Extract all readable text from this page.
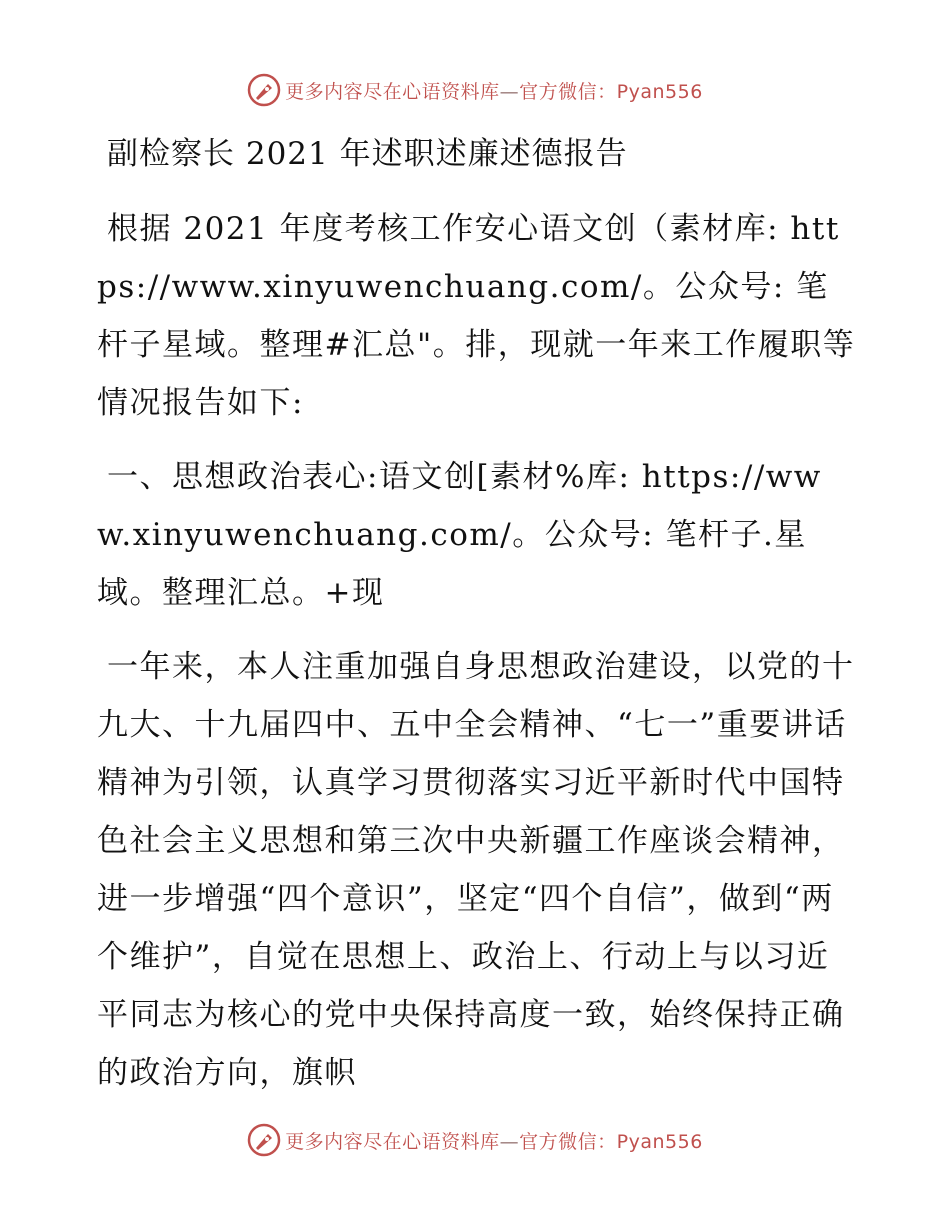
更多内容尽在心语资料库—官方微信：Pyan556
副检察长 2021 年述职述廉述德报告

根据 2021 年度考核工作安心语文创（素材库: https://www.xinyuwenchuang.com/。公众号: 笔杆子星域。整理#汇总"。排，现就一年来工作履职等情况报告如下:

一、思想政治表心:语文创[素材%库: https://www.xinyuwenchuang.com/。公众号: 笔杆子.星域。整理汇总。+现

一年来，本人注重加强自身思想政治建设，以党的十九大、十九届四中、五中全会精神、“七一”重要讲话精神为引领，认真学习贯彻落实习近平新时代中国特色社会主义思想和第三次中央新疆工作座谈会精神，进一步增强“四个意识”，坚定“四个自信”，做到“两个维护”，自觉在思想上、政治上、行动上与以习近平同志为核心的党中央保持高度一致，始终保持正确的政治方向，旗帜

更多内容尽在心语资料库—官方微信：Pyan556
